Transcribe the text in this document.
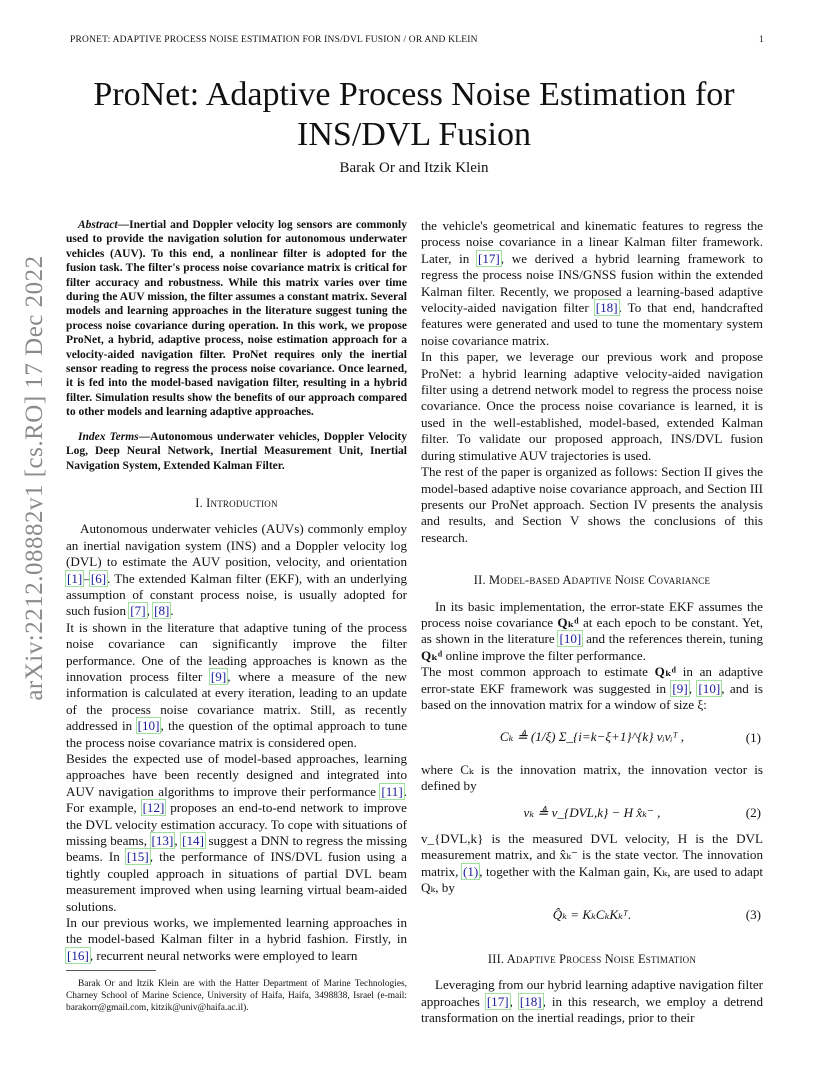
PRONET: ADAPTIVE PROCESS NOISE ESTIMATION FOR INS/DVL FUSION / OR AND KLEIN	1
arXiv:2212.08882v1 [cs.RO] 17 Dec 2022
ProNet: Adaptive Process Noise Estimation for INS/DVL Fusion
Barak Or and Itzik Klein

Abstract—Inertial and Doppler velocity log sensors are commonly used to provide the navigation solution for autonomous underwater vehicles (AUV). To this end, a nonlinear filter is adopted for the fusion task. The filter's process noise covariance matrix is critical for filter accuracy and robustness. While this matrix varies over time during the AUV mission, the filter assumes a constant matrix. Several models and learning approaches in the literature suggest tuning the process noise covariance during operation. In this work, we propose ProNet, a hybrid, adaptive process, noise estimation approach for a velocity-aided navigation filter. ProNet requires only the inertial sensor reading to regress the process noise covariance. Once learned, it is fed into the model-based navigation filter, resulting in a hybrid filter. Simulation results show the benefits of our approach compared to other models and learning adaptive approaches.

Index Terms—Autonomous underwater vehicles, Doppler Velocity Log, Deep Neural Network, Inertial Measurement Unit, Inertial Navigation System, Extended Kalman Filter.

I. Introduction

Autonomous underwater vehicles (AUVs) commonly employ an inertial navigation system (INS) and a Doppler velocity log (DVL) to estimate the AUV position, velocity, and orientation [1]–[6]. The extended Kalman filter (EKF), with an underlying assumption of constant process noise, is usually adopted for such fusion [7], [8].

It is shown in the literature that adaptive tuning of the process noise covariance can significantly improve the filter performance. One of the leading approaches is known as the innovation process filter [9], where a measure of the new information is calculated at every iteration, leading to an update of the process noise covariance matrix. Still, as recently addressed in [10], the question of the optimal approach to tune the process noise covariance matrix is considered open.

Besides the expected use of model-based approaches, learning approaches have been recently designed and integrated into AUV navigation algorithms to improve their performance [11]. For example, [12] proposes an end-to-end network to improve the DVL velocity estimation accuracy. To cope with situations of missing beams, [13], [14] suggest a DNN to regress the missing beams. In [15], the performance of INS/DVL fusion using a tightly coupled approach in situations of partial DVL beam measurement improved when using learning virtual beam-aided solutions.

In our previous works, we implemented learning approaches in the model-based Kalman filter in a hybrid fashion. Firstly, in [16], recurrent neural networks were employed to learn

Barak Or and Itzik Klein are with the Hatter Department of Marine Technologies, Charney School of Marine Science, University of Haifa, Haifa, 3498838, Israel (e-mail: barakorr@gmail.com, kitzik@univ@haifa.ac.il).

the vehicle's geometrical and kinematic features to regress the process noise covariance in a linear Kalman filter framework. Later, in [17], we derived a hybrid learning framework to regress the process noise INS/GNSS fusion within the extended Kalman filter. Recently, we proposed a learning-based adaptive velocity-aided navigation filter [18]. To that end, handcrafted features were generated and used to tune the momentary system noise covariance matrix.

In this paper, we leverage our previous work and propose ProNet: a hybrid learning adaptive velocity-aided navigation filter using a detrend network model to regress the process noise covariance. Once the process noise covariance is learned, it is used in the well-established, model-based, extended Kalman filter. To validate our proposed approach, INS/DVL fusion during stimulative AUV trajectories is used.

The rest of the paper is organized as follows: Section II gives the model-based adaptive noise covariance approach, and Section III presents our ProNet approach. Section IV presents the analysis and results, and Section V shows the conclusions of this research.

II. Model-based Adaptive Noise Covariance

In its basic implementation, the error-state EKF assumes the process noise covariance Qₖᵈ at each epoch to be constant. Yet, as shown in the literature [10] and the references therein, tuning Qₖᵈ online improve the filter performance.

The most common approach to estimate Qₖᵈ in an adaptive error-state EKF framework was suggested in [9], [10], and is based on the innovation matrix for a window of size ξ:

Cₖ ≜ (1/ξ) Σ_{i=k−ξ+1}^{k} νᵢνᵢᵀ ,	(1)

where Cₖ is the innovation matrix, the innovation vector is defined by

νₖ ≜ v_{DVL,k} − H x̂ₖ⁻ ,	(2)

v_{DVL,k} is the measured DVL velocity, H is the DVL measurement matrix, and x̂ₖ⁻ is the state vector. The innovation matrix, (1), together with the Kalman gain, Kₖ, are used to adapt Qₖ, by

Q̂ₖ = KₖCₖKₖᵀ.	(3)
III. Adaptive Process Noise Estimation

Leveraging from our hybrid learning adaptive navigation filter approaches [17], [18], in this research, we employ a detrend transformation on the inertial readings, prior to their
